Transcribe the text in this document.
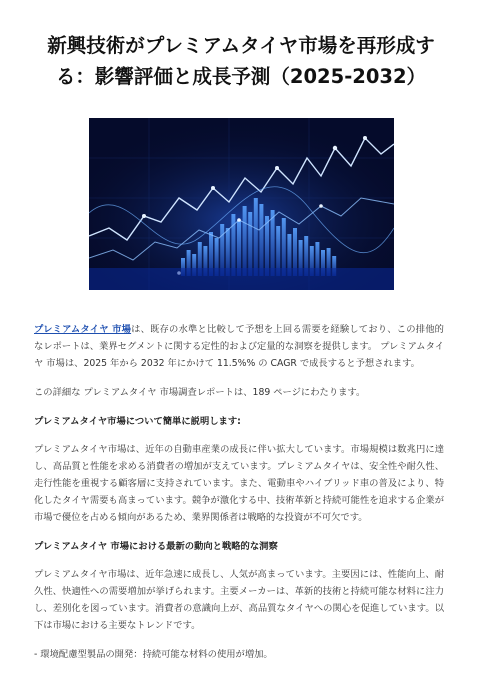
新興技術がプレミアムタイヤ市場を再形成する：影響評価と成長予測（2025-2032）

プレミアムタイヤ 市場は、既存の水準と比較して予想を上回る需要を経験しており、この排他的なレポートは、業界セグメントに関する定性的および定量的な洞察を提供します。 プレミアムタイヤ 市場は、2025 年から 2032 年にかけて 11.5%% の CAGR で成長すると予想されます。

この詳細な プレミアムタイヤ 市場調査レポートは、189 ページにわたります。

プレミアムタイヤ市場について簡単に説明します:

プレミアムタイヤ市場は、近年の自動車産業の成長に伴い拡大しています。市場規模は数兆円に達し、高品質と性能を求める消費者の増加が支えています。プレミアムタイヤは、安全性や耐久性、走行性能を重視する顧客層に支持されています。また、電動車やハイブリッド車の普及により、特化したタイヤ需要も高まっています。競争が激化する中、技術革新と持続可能性を追求する企業が市場で優位を占める傾向があるため、業界関係者は戦略的な投資が不可欠です。

プレミアムタイヤ 市場における最新の動向と戦略的な洞察

プレミアムタイヤ市場は、近年急速に成長し、人気が高まっています。主要因には、性能向上、耐久性、快適性への需要増加が挙げられます。主要メーカーは、革新的技術と持続可能な材料に注力し、差別化を図っています。消費者の意識向上が、高品質なタイヤへの関心を促進しています。以下は市場における主要なトレンドです。

- 環境配慮型製品の開発：持続可能な材料の使用が増加。
